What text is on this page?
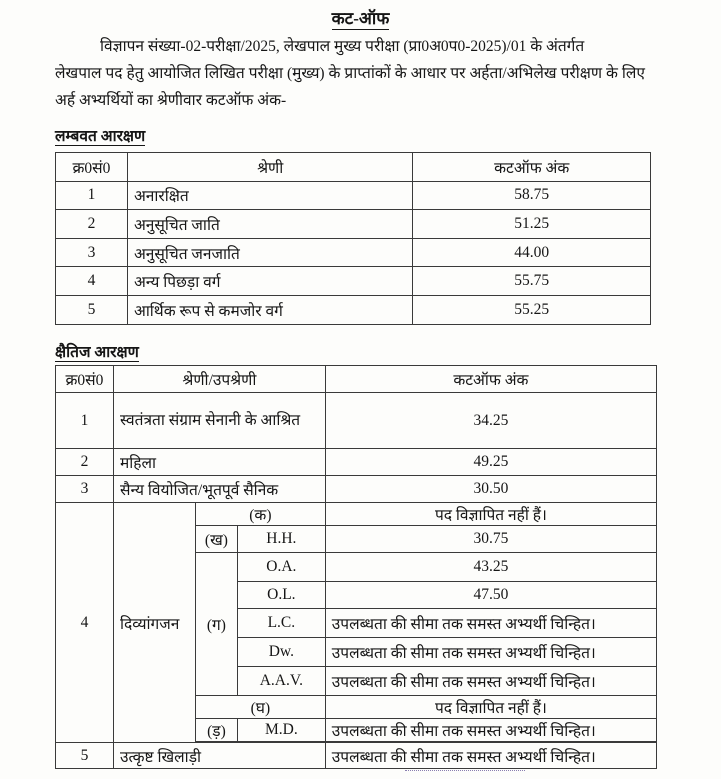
कट-ऑफ

विज्ञापन संख्या-02-परीक्षा/2025, लेखपाल मुख्य परीक्षा (प्रा0अ0प0-2025)/01 के अंतर्गत

लेखपाल पद हेतु आयोजित लिखित परीक्षा (मुख्य) के प्राप्तांकों के आधार पर अर्हता/अभिलेख परीक्षण के लिए अर्ह अभ्यर्थियों का श्रेणीवार कटऑफ अंक-

लम्बवत आरक्षण
क्र0सं0	श्रेणी	कटऑफ अंक
1	अनारक्षित	58.75
2	अनुसूचित जाति	51.25
3	अनुसूचित जनजाति	44.00
4	अन्य पिछड़ा वर्ग	55.75
5	आर्थिक रूप से कमजोर वर्ग	55.25
क्षैतिज आरक्षण
क्र0सं0	श्रेणी/उपश्रेणी			कटऑफ अंक
1	स्वतंत्रता संग्राम सेनानी के आश्रित			34.25
2	महिला			49.25
3	सैन्य वियोजित/भूतपूर्व सैनिक			30.50
4	दिव्यांगजन	(क)		पद विज्ञापित नहीं हैं।
		(ख)	H.H.	30.75
		(ग)	O.A.	43.25
			O.L.	47.50
			L.C.	उपलब्धता की सीमा तक समस्त अभ्यर्थी चिन्हित।
			Dw.	उपलब्धता की सीमा तक समस्त अभ्यर्थी चिन्हित।
			A.A.V.	उपलब्धता की सीमा तक समस्त अभ्यर्थी चिन्हित।
		(घ)		पद विज्ञापित नहीं हैं।
		(ड़)	M.D.	उपलब्धता की सीमा तक समस्त अभ्यर्थी चिन्हित।

5	उत्कृष्ट खिलाड़ी			उपलब्धता की सीमा तक समस्त अभ्यर्थी चिन्हित।
